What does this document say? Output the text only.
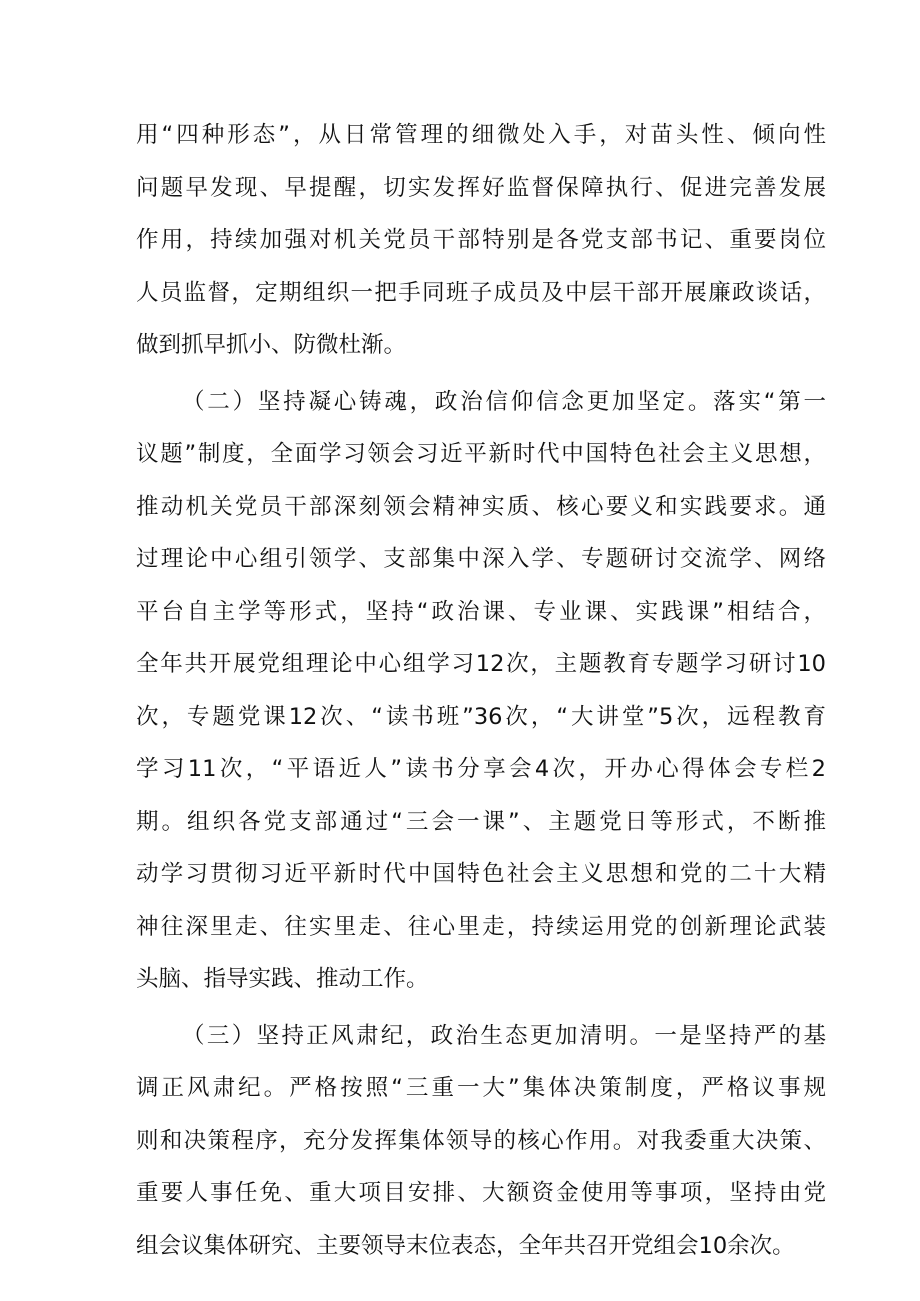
用“四种形态”，从日常管理的细微处入手，对苗头性、倾向性
问题早发现、早提醒，切实发挥好监督保障执行、促进完善发展
作用，持续加强对机关党员干部特别是各党支部书记、重要岗位
人员监督，定期组织一把手同班子成员及中层干部开展廉政谈话，
做到抓早抓小、防微杜渐。
（二）坚持凝心铸魂，政治信仰信念更加坚定。落实“第一
议题”制度，全面学习领会习近平新时代中国特色社会主义思想，
推动机关党员干部深刻领会精神实质、核心要义和实践要求。通
过理论中心组引领学、支部集中深入学、专题研讨交流学、网络
平台自主学等形式，坚持“政治课、专业课、实践课”相结合，
全年共开展党组理论中心组学习12次，主题教育专题学习研讨10
次，专题党课12次、“读书班”36次，“大讲堂”5次，远程教育
学习11次，“平语近人”读书分享会4次，开办心得体会专栏2
期。组织各党支部通过“三会一课”、主题党日等形式，不断推
动学习贯彻习近平新时代中国特色社会主义思想和党的二十大精
神往深里走、往实里走、往心里走，持续运用党的创新理论武装
头脑、指导实践、推动工作。
（三）坚持正风肃纪，政治生态更加清明。一是坚持严的基
调正风肃纪。严格按照“三重一大”集体决策制度，严格议事规
则和决策程序，充分发挥集体领导的核心作用。对我委重大决策、
重要人事任免、重大项目安排、大额资金使用等事项，坚持由党
组会议集体研究、主要领导末位表态，全年共召开党组会10余次。
